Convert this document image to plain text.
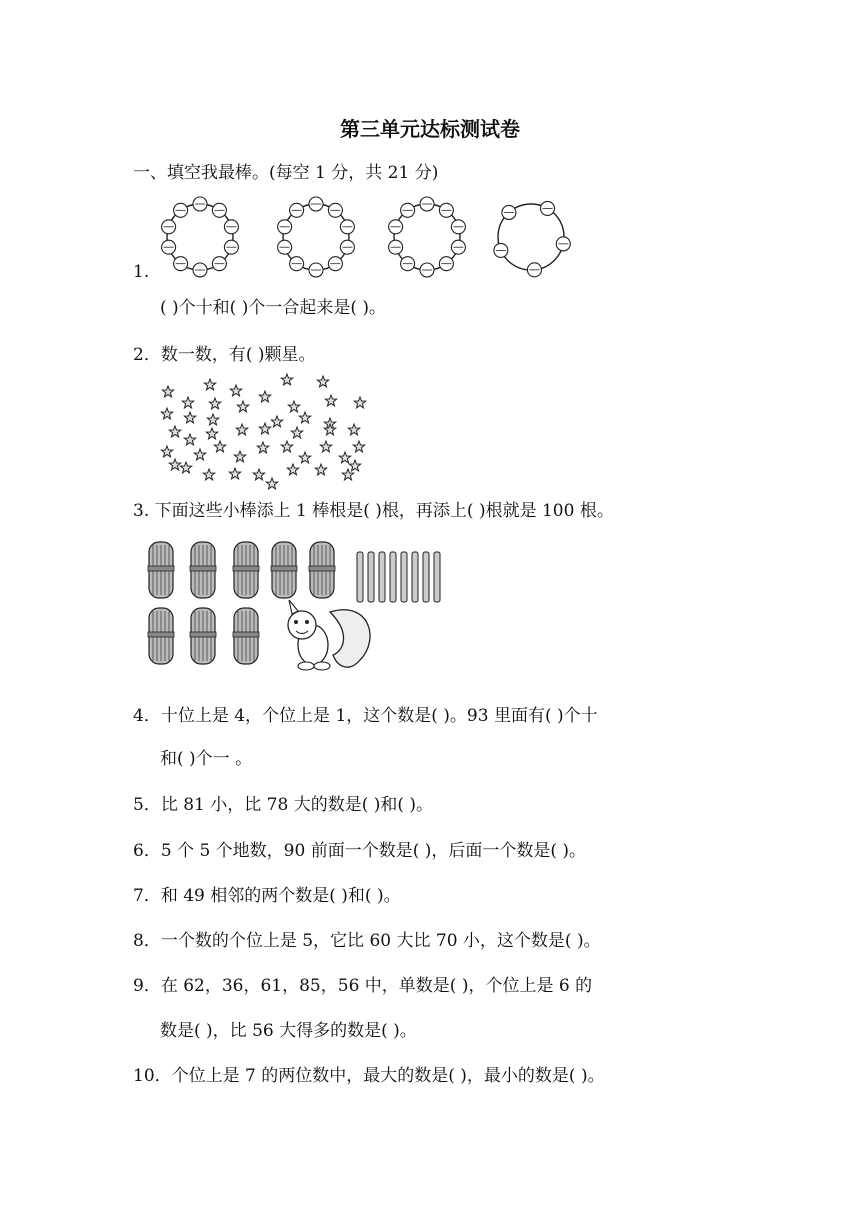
第三单元达标测试卷
一、填空我最棒。(每空 1 分，共 21 分)
1.
( )个十和( )个一合起来是( )。
2．数一数，有( )颗星。
3. 下面这些小棒添上 1 棒根是( )根，再添上( )根就是 100 根。
4．十位上是 4，个位上是 1，这个数是( )。93 里面有( )个十
和( )个一 。
5．比 81 小，比 78 大的数是( )和( )。
6．5 个 5 个地数，90 前面一个数是( )，后面一个数是( )。
7．和 49 相邻的两个数是( )和( )。
8．一个数的个位上是 5，它比 60 大比 70 小，这个数是( )。
9．在 62，36，61，85，56 中，单数是( )，个位上是 6 的
数是( )，比 56 大得多的数是( )。
10．个位上是 7 的两位数中，最大的数是( )，最小的数是( )。
